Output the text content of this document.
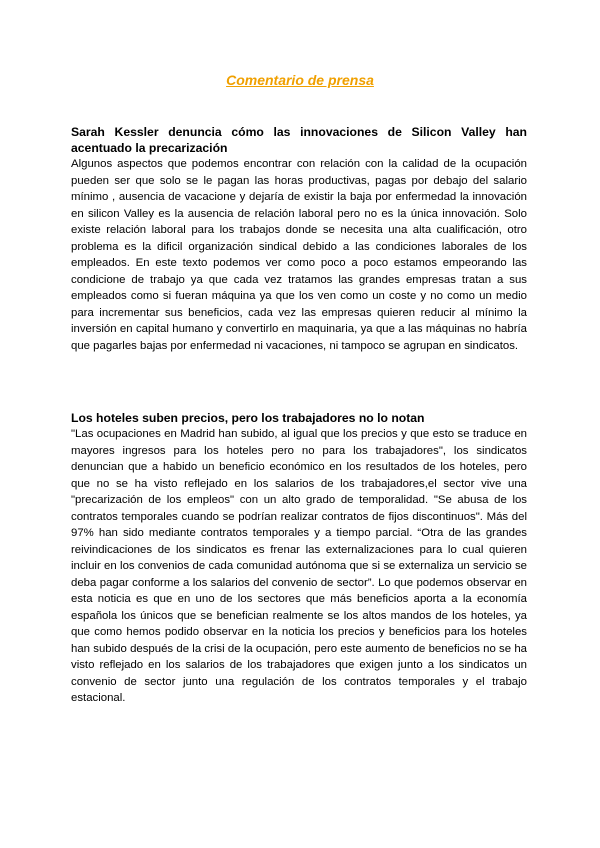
Comentario de prensa

Sarah Kessler denuncia cómo las innovaciones de Silicon Valley han acentuado la precarización

Algunos aspectos que podemos encontrar con relación con la calidad de la ocupación pueden ser que solo se le pagan las horas productivas, pagas por debajo del salario mínimo , ausencia de vacacione y dejaría de existir la baja por enfermedad la innovación en silicon Valley es la ausencia de relación laboral pero no es la única innovación. Solo existe relación laboral para los trabajos donde se necesita una alta cualificación, otro problema es la dificil organización sindical debido a las condiciones laborales de los empleados. En este texto podemos ver como poco a poco estamos empeorando las condicione de trabajo ya que cada vez tratamos las grandes empresas tratan a sus empleados como si fueran máquina ya que los ven como un coste y no como un medio para incrementar sus beneficios, cada vez las empresas quieren reducir al mínimo la inversión en capital humano y convertirlo en maquinaria, ya que a las máquinas no habría que pagarles bajas por enfermedad ni vacaciones, ni tampoco se agrupan en sindicatos.

Los hoteles suben precios, pero los trabajadores no lo notan

"Las ocupaciones en Madrid han subido, al igual que los precios y que esto se traduce en mayores ingresos para los hoteles pero no para los trabajadores", los sindicatos denuncian que a habido un beneficio económico en los resultados de los hoteles, pero que no se ha visto reflejado en los salarios de los trabajadores,el sector vive una "precarización de los empleos" con un alto grado de temporalidad. "Se abusa de los contratos temporales cuando se podrían realizar contratos de fijos discontinuos". Más del 97% han sido mediante contratos temporales y a tiempo parcial. “Otra de las grandes reivindicaciones de los sindicatos es frenar las externalizaciones para lo cual quieren incluir en los convenios de cada comunidad autónoma que si se externaliza un servicio se deba pagar conforme a los salarios del convenio de sector”. Lo que podemos observar en esta noticia es que en uno de los sectores que más beneficios aporta a la economía española los únicos que se benefician realmente se los altos mandos de los hoteles, ya que como hemos podido observar en la noticia los precios y beneficios para los hoteles han subido después de la crisi de la ocupación, pero este aumento de beneficios no se ha visto reflejado en los salarios de los trabajadores que exigen junto a los sindicatos un convenio de sector junto una regulación de los contratos temporales y el trabajo estacional.
